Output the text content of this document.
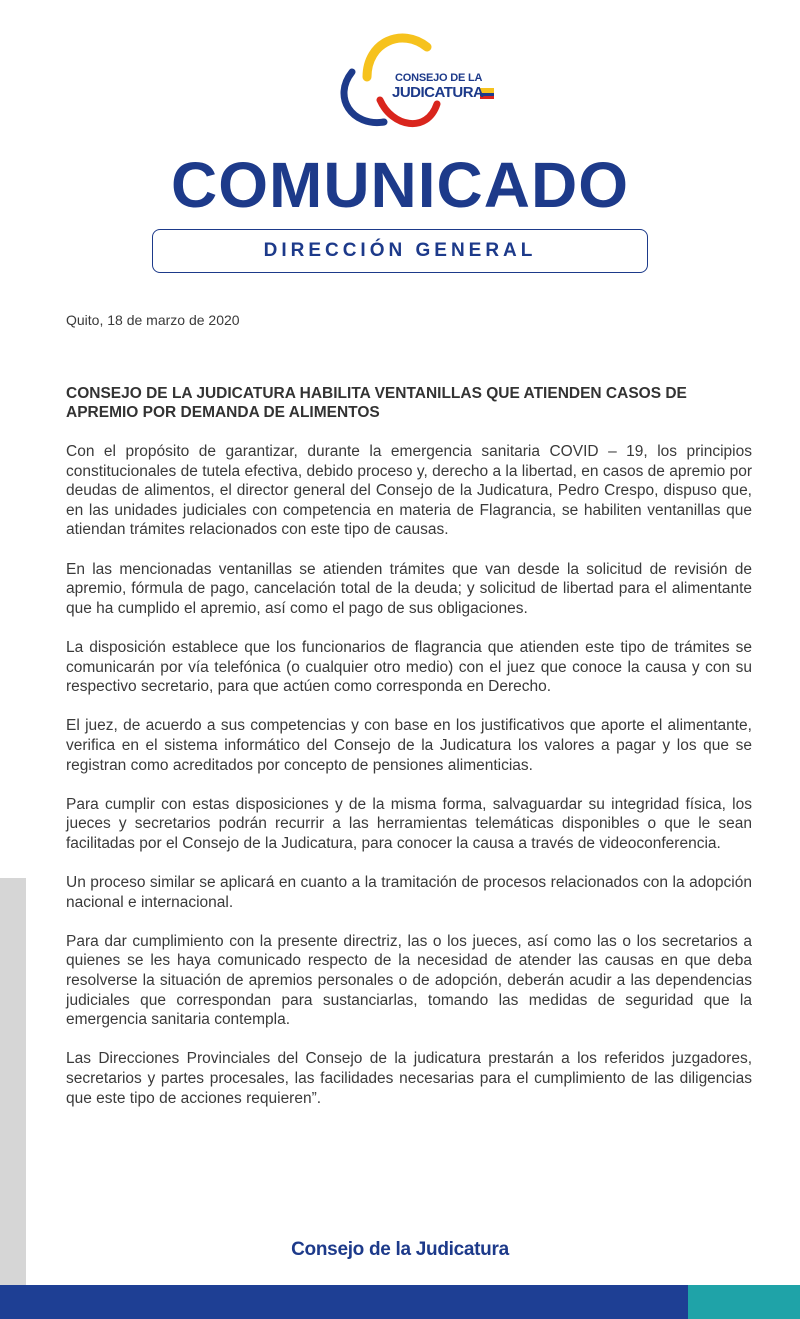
CONSEJO DE LA
JUDICATURA
COMUNICADO
DIRECCIÓN GENERAL
Quito, 18 de marzo de 2020
CONSEJO DE LA JUDICATURA HABILITA VENTANILLAS QUE ATIENDEN CASOS DE APREMIO POR DEMANDA DE ALIMENTOS

Con el propósito de garantizar, durante la emergencia sanitaria COVID – 19, los principios constitucionales de tutela efectiva, debido proceso y, derecho a la libertad, en casos de apremio por deudas de alimentos, el director general del Consejo de la Judicatura, Pedro Crespo, dispuso que, en las unidades judiciales con competencia en materia de Flagrancia, se habiliten ventanillas que atiendan trámites relacionados con este tipo de causas.

En las mencionadas ventanillas se atienden trámites que van desde la solicitud de revisión de apremio, fórmula de pago, cancelación total de la deuda; y solicitud de libertad para el alimentante que ha cumplido el apremio, así como el pago de sus obligaciones.

La disposición establece que los funcionarios de flagrancia que atienden este tipo de trámites se comunicarán por vía telefónica (o cualquier otro medio) con el juez que conoce la causa y con su respectivo secretario, para que actúen como corresponda en Derecho.

El juez, de acuerdo a sus competencias y con base en los justificativos que aporte el alimentante, verifica en el sistema informático del Consejo de la Judicatura los valores a pagar y los que se registran como acreditados por concepto de pensiones alimenticias.

Para cumplir con estas disposiciones y de la misma forma, salvaguardar su integridad física, los jueces y secretarios podrán recurrir a las herramientas telemáticas disponibles o que le sean facilitadas por el Consejo de la Judicatura, para conocer la causa a través de videoconferencia.

Un proceso similar se aplicará en cuanto a la tramitación de procesos relacionados con la adopción nacional e internacional.

Para dar cumplimiento con la presente directriz, las o los jueces, así como las o los secretarios a quienes se les haya comunicado respecto de la necesidad de atender las causas en que deba resolverse la situación de apremios personales o de adopción, deberán acudir a las dependencias judiciales que correspondan para sustanciarlas, tomando las medidas de seguridad que la emergencia sanitaria contempla.

Las Direcciones Provinciales del Consejo de la judicatura prestarán a los referidos juzgadores, secretarios y partes procesales, las facilidades necesarias para el cumplimiento de las diligencias que este tipo de acciones requieren”.

Consejo de la Judicatura
